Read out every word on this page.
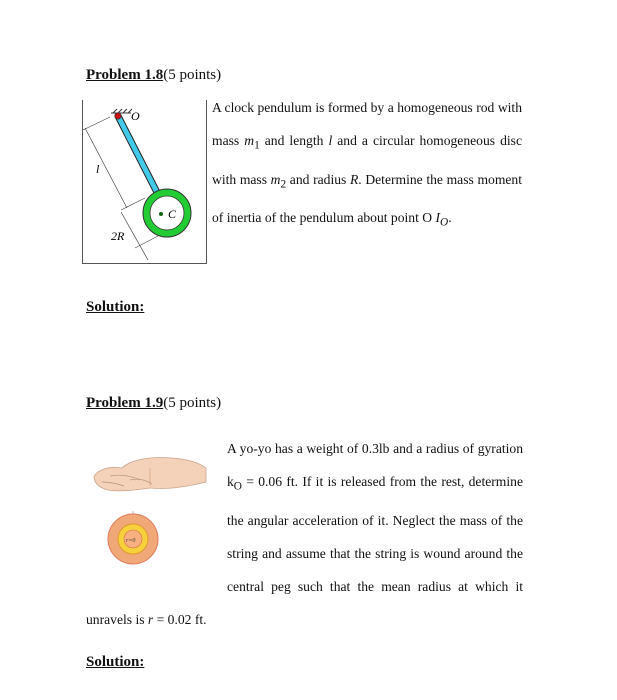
Problem 1.8(5 points)
C
O
l
2R
A clock pendulum is formed by a homogeneous rod with mass $m_1$ and length l and a circular homogeneous disc with mass $m_2$ and radius R. Determine the mass moment of inertia of the pendulum about point O $I_O$.
Solution:
Problem 1.9(5 points)
r=0
A yo-yo has a weight of 0.3lb and a radius of gyration $k_O = 0.06$ ft. If it is released from the rest, determine the angular acceleration of it. Neglect the mass of the string and assume that the string is wound around the central peg such that the mean radius at which it unravels is r = 0.02 ft.
Solution:
